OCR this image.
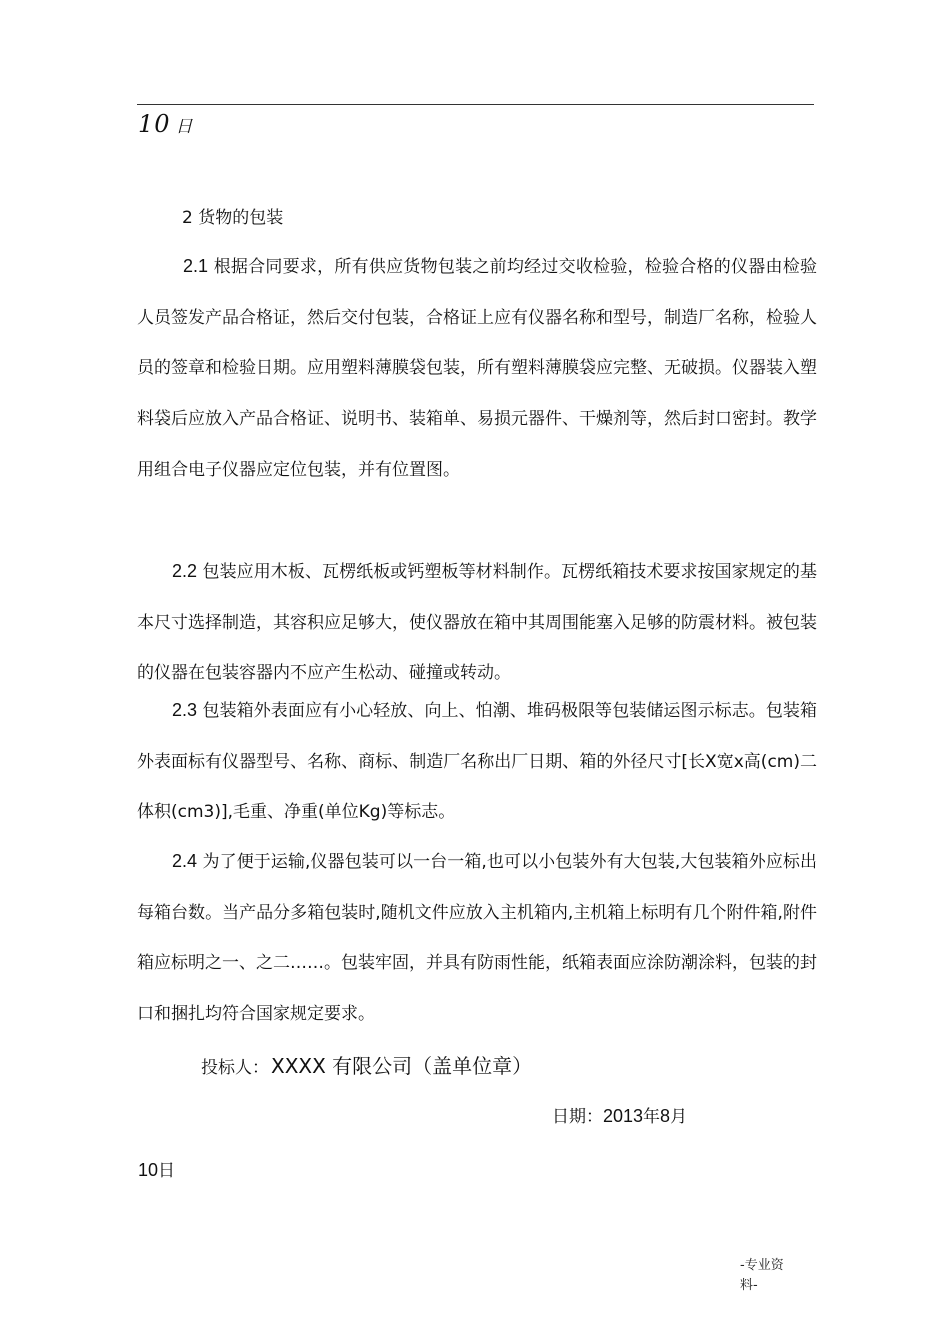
10 日
2 货物的包装
2.1 根据合同要求，所有供应货物包装之前均经过交收检验，检验合格的仪器由检验人员签发产品合格证，然后交付包装，合格证上应有仪器名称和型号，制造厂名称，检验人员的签章和检验日期。应用塑料薄膜袋包装，所有塑料薄膜袋应完整、无破损。仪器装入塑料袋后应放入产品合格证、说明书、装箱单、易损元器件、干燥剂等，然后封口密封。教学用组合电子仪器应定位包装，并有位置图。
2.2 包装应用木板、瓦楞纸板或钙塑板等材料制作。瓦楞纸箱技术要求按国家规定的基本尺寸选择制造，其容积应足够大，使仪器放在箱中其周围能塞入足够的防震材料。被包装的仪器在包装容器内不应产生松动、碰撞或转动。
2.3 包装箱外表面应有小心轻放、向上、怕潮、堆码极限等包装储运图示标志。包装箱外表面标有仪器型号、名称、商标、制造厂名称出厂日期、箱的外径尺寸[长X宽x高(cm)二体积(cm3)],毛重、净重(单位Kg)等标志。
2.4 为了便于运输,仪器包装可以一台一箱,也可以小包装外有大包装,大包装箱外应标出每箱台数。当产品分多箱包装时,随机文件应放入主机箱内,主机箱上标明有几个附件箱,附件箱应标明之一、之二……。包装牢固，并具有防雨性能，纸箱表面应涂防潮涂料，包装的封口和捆扎均符合国家规定要求。
投标人： XXXX 有限公司（盖单位章）
日期：2013年8月
10日
-专业资
料-
